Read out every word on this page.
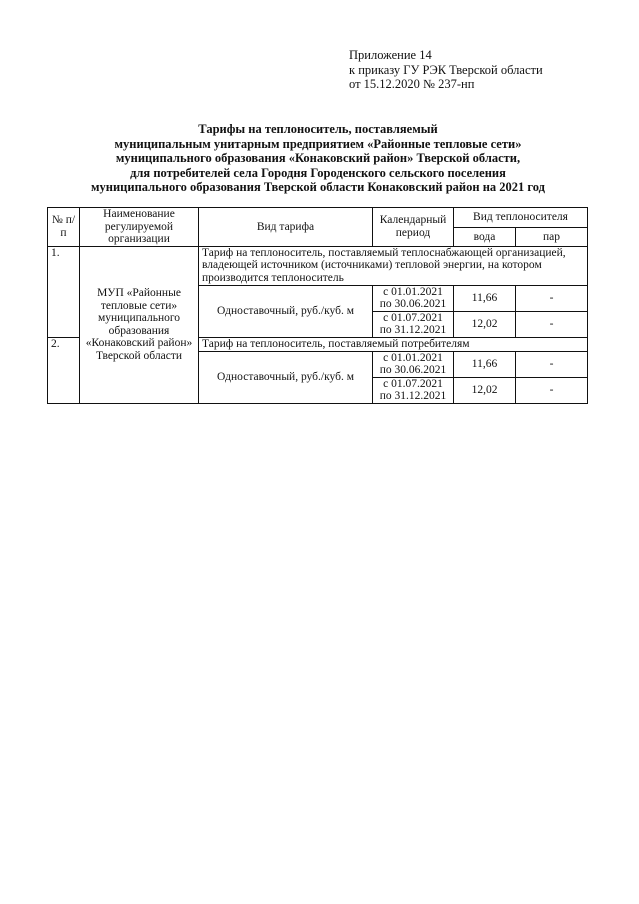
Приложение 14
к приказу ГУ РЭК Тверской области
от 15.12.2020 № 237-нп
Тарифы на теплоноситель, поставляемый
муниципальным унитарным предприятием «Районные тепловые сети»
муниципального образования «Конаковский район» Тверской области,
для потребителей села Городня Городенского сельского поселения
муниципального образования Тверской области Конаковский район на 2021 год
№ п/п	Наименование регулируемой организации	Вид тарифа	Календарный период	Вид теплоносителя	
				вода	пар
1.	МУП «Районные тепловые сети» муниципального образования «Конаковский район» Тверской области	Тариф на теплоноситель, поставляемый теплоснабжающей организацией, владеющей источником (источниками) тепловой энергии, на котором производится теплоноситель			
		Одноставочный, руб./куб. м	с 01.01.2021 по 30.06.2021	11,66	-
			с 01.07.2021 по 31.12.2021	12,02	-
2.		Тариф на теплоноситель, поставляемый потребителям			
		Одноставочный, руб./куб. м	с 01.01.2021 по 30.06.2021	11,66	-
			с 01.07.2021 по 31.12.2021	12,02	-
